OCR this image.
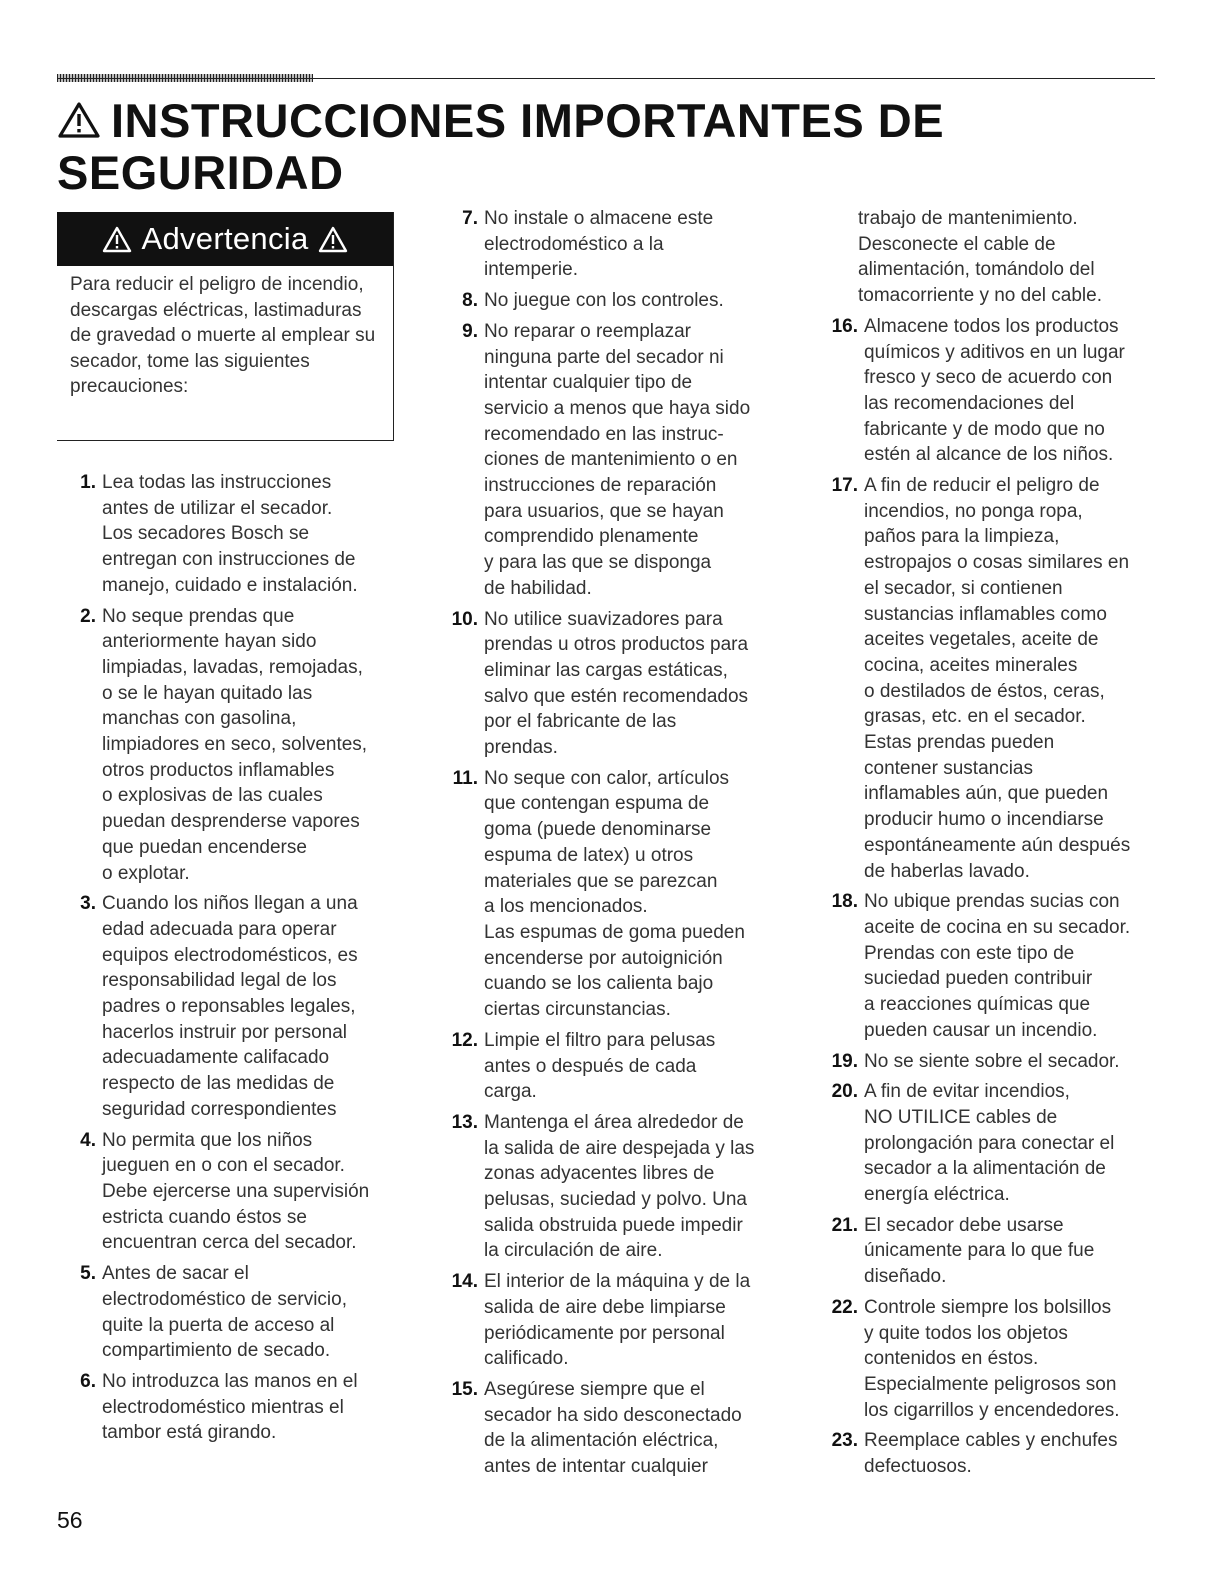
INSTRUCCIONES IMPORTANTES DE SEGURIDAD
Advertencia
Para reducir el peligro de incendio, descargas eléctricas, lastimaduras de gravedad o muerte al emplear su secador, tome las siguientes precauciones:
1. Lea todas las instrucciones
antes de utilizar el secador.
Los secadores Bosch se
entregan con instrucciones de
manejo, cuidado e instalación.
2. No seque prendas que
anteriormente hayan sido
limpiadas, lavadas, remojadas,
o se le hayan quitado las
manchas con gasolina,
limpiadores en seco, solventes,
otros productos inflamables
o explosivas de las cuales
puedan desprenderse vapores
que puedan encenderse
o explotar.
3. Cuando los niños llegan a una
edad adecuada para operar
equipos electrodomésticos, es
responsabilidad legal de los
padres o reponsables legales,
hacerlos instruir por personal
adecuadamente califacado
respecto de las medidas de
seguridad correspondientes
4. No permita que los niños
jueguen en o con el secador.
Debe ejercerse una supervisión
estricta cuando éstos se
encuentran cerca del secador.
5. Antes de sacar el
electrodoméstico de servicio,
quite la puerta de acceso al
compartimiento de secado.
6. No introduzca las manos en el
electrodoméstico mientras el
tambor está girando.
7. No instale o almacene este
electrodoméstico a la
intemperie.
8. No juegue con los controles.
9. No reparar o reemplazar
ninguna parte del secador ni
intentar cualquier tipo de
servicio a menos que haya sido
recomendado en las instruc-
ciones de mantenimiento o en
instrucciones de reparación
para usuarios, que se hayan
comprendido plenamente
y para las que se disponga
de habilidad.
10. No utilice suavizadores para
prendas u otros productos para
eliminar las cargas estáticas,
salvo que estén recomendados
por el fabricante de las
prendas.
11. No seque con calor, artículos
que contengan espuma de
goma (puede denominarse
espuma de latex) u otros
materiales que se parezcan
a los mencionados.
Las espumas de goma pueden
encenderse por autoignición
cuando se los calienta bajo
ciertas circunstancias.
12. Limpie el filtro para pelusas
antes o después de cada
carga.
13. Mantenga el área alrededor de
la salida de aire despejada y las
zonas adyacentes libres de
pelusas, suciedad y polvo. Una
salida obstruida puede impedir
la circulación de aire.
14. El interior de la máquina y de la
salida de aire debe limpiarse
periódicamente por personal
calificado.
15. Asegúrese siempre que el
secador ha sido desconectado
de la alimentación eléctrica,
antes de intentar cualquier
trabajo de mantenimiento.
Desconecte el cable de
alimentación, tomándolo del
tomacorriente y no del cable.
16. Almacene todos los productos
químicos y aditivos en un lugar
fresco y seco de acuerdo con
las recomendaciones del
fabricante y de modo que no
estén al alcance de los niños.
17. A fin de reducir el peligro de
incendios, no ponga ropa,
paños para la limpieza,
estropajos o cosas similares en
el secador, si contienen
sustancias inflamables como
aceites vegetales, aceite de
cocina, aceites minerales
o destilados de éstos, ceras,
grasas, etc. en el secador.
Estas prendas pueden
contener sustancias
inflamables aún, que pueden
producir humo o incendiarse
espontáneamente aún después
de haberlas lavado.
18. No ubique prendas sucias con
aceite de cocina en su secador.
Prendas con este tipo de
suciedad pueden contribuir
a reacciones químicas que
pueden causar un incendio.
19. No se siente sobre el secador.
20. A fin de evitar incendios,
NO UTILICE cables de
prolongación para conectar el
secador a la alimentación de
energía eléctrica.
21. El secador debe usarse
únicamente para lo que fue
diseñado.
22. Controle siempre los bolsillos
y quite todos los objetos
contenidos en éstos.
Especialmente peligrosos son
los cigarrillos y encendedores.
23. Reemplace cables y enchufes
defectuosos.
56
